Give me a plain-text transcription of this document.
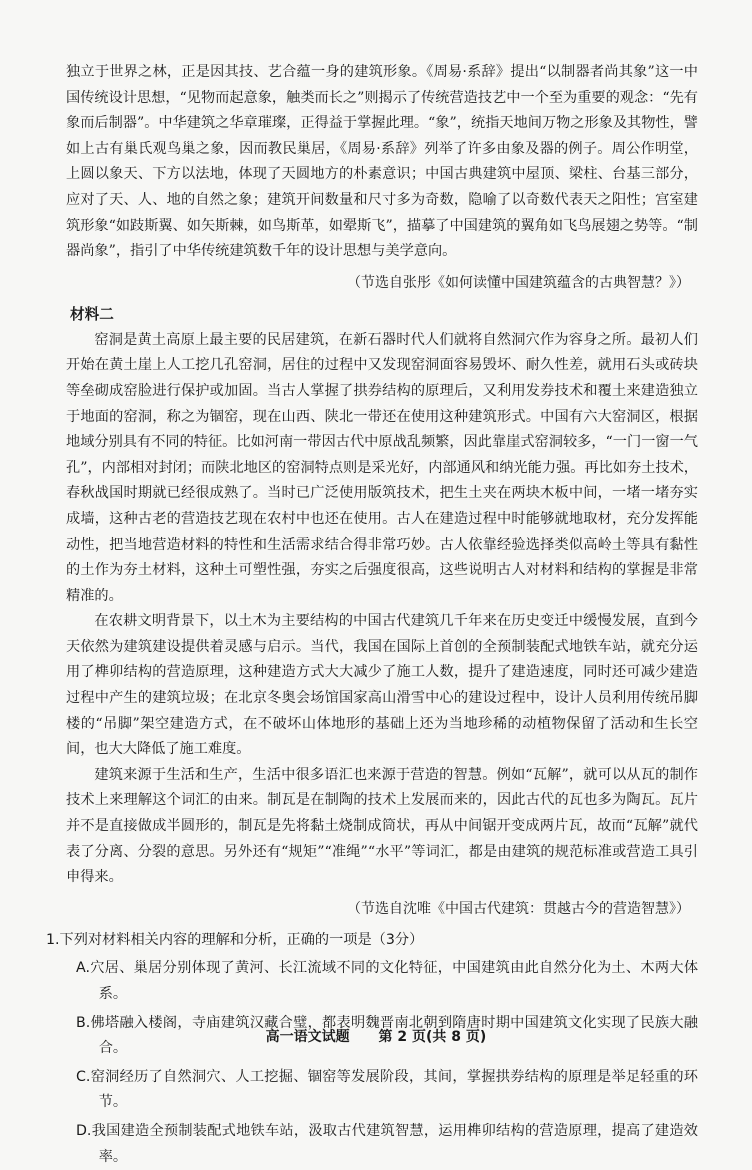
独立于世界之林，正是因其技、艺合蕴一身的建筑形象。《周易·系辞》提出“以制器者尚其象”这一中国传统设计思想，“见物而起意象，触类而长之”则揭示了传统营造技艺中一个至为重要的观念：“先有象而后制器”。中华建筑之华章璀璨，正得益于掌握此理。“象”，统指天地间万物之形象及其物性，譬如上古有巢氏观鸟巢之象，因而教民巢居，《周易·系辞》列举了许多由象及器的例子。周公作明堂，上圆以象天、下方以法地，体现了天圆地方的朴素意识；中国古典建筑中屋顶、梁柱、台基三部分，应对了天、人、地的自然之象；建筑开间数量和尺寸多为奇数，隐喻了以奇数代表天之阳性；宫室建筑形象“如跂斯翼、如矢斯棘，如鸟斯革，如翚斯飞”，描摹了中国建筑的翼角如飞鸟展翅之势等。“制器尚象”，指引了中华传统建筑数千年的设计思想与美学意向。

（节选自张彤《如何读懂中国建筑蕴含的古典智慧？》）

材料二

窑洞是黄土高原上最主要的民居建筑，在新石器时代人们就将自然洞穴作为容身之所。最初人们开始在黄土崖上人工挖几孔窑洞，居住的过程中又发现窑洞面容易毁坏、耐久性差，就用石头或砖块等垒砌成窑脸进行保护或加固。当古人掌握了拱券结构的原理后，又利用发券技术和覆土来建造独立于地面的窑洞，称之为锢窑，现在山西、陕北一带还在使用这种建筑形式。中国有六大窑洞区，根据地域分别具有不同的特征。比如河南一带因古代中原战乱频繁，因此靠崖式窑洞较多，“一门一窗一气孔”，内部相对封闭；而陕北地区的窑洞特点则是采光好，内部通风和纳光能力强。再比如夯土技术，春秋战国时期就已经很成熟了。当时已广泛使用版筑技术，把生土夹在两块木板中间，一堵一堵夯实成墙，这种古老的营造技艺现在农村中也还在使用。古人在建造过程中时能够就地取材，充分发挥能动性，把当地营造材料的特性和生活需求结合得非常巧妙。古人依靠经验选择类似高岭土等具有黏性的土作为夯土材料，这种土可塑性强，夯实之后强度很高，这些说明古人对材料和结构的掌握是非常精准的。

在农耕文明背景下，以土木为主要结构的中国古代建筑几千年来在历史变迁中缓慢发展，直到今天依然为建筑建设提供着灵感与启示。当代，我国在国际上首创的全预制装配式地铁车站，就充分运用了榫卯结构的营造原理，这种建造方式大大减少了施工人数，提升了建造速度，同时还可减少建造过程中产生的建筑垃圾；在北京冬奥会场馆国家高山滑雪中心的建设过程中，设计人员利用传统吊脚楼的“吊脚”架空建造方式，在不破坏山体地形的基础上还为当地珍稀的动植物保留了活动和生长空间，也大大降低了施工难度。

建筑来源于生活和生产，生活中很多语汇也来源于营造的智慧。例如“瓦解”，就可以从瓦的制作技术上来理解这个词汇的由来。制瓦是在制陶的技术上发展而来的，因此古代的瓦也多为陶瓦。瓦片并不是直接做成半圆形的，制瓦是先将黏土烧制成筒状，再从中间锯开变成两片瓦，故而“瓦解”就代表了分离、分裂的意思。另外还有“规矩”“准绳”“水平”等词汇，都是由建筑的规范标准或营造工具引申得来。

（节选自沈唯《中国古代建筑：贯越古今的营造智慧》）

1.下列对材料相关内容的理解和分析，正确的一项是（3分）

A.穴居、巢居分别体现了黄河、长江流域不同的文化特征，中国建筑由此自然分化为土、木两大体系。

B.佛塔融入楼阁，寺庙建筑汉藏合璧，都表明魏晋南北朝到隋唐时期中国建筑文化实现了民族大融合。

C.窑洞经历了自然洞穴、人工挖掘、锢窑等发展阶段，其间，掌握拱券结构的原理是举足轻重的环节。

D.我国建造全预制装配式地铁车站，汲取古代建筑智慧，运用榫卯结构的营造原理，提高了建造效率。

高一语文试题 第 2 页(共 8 页)
